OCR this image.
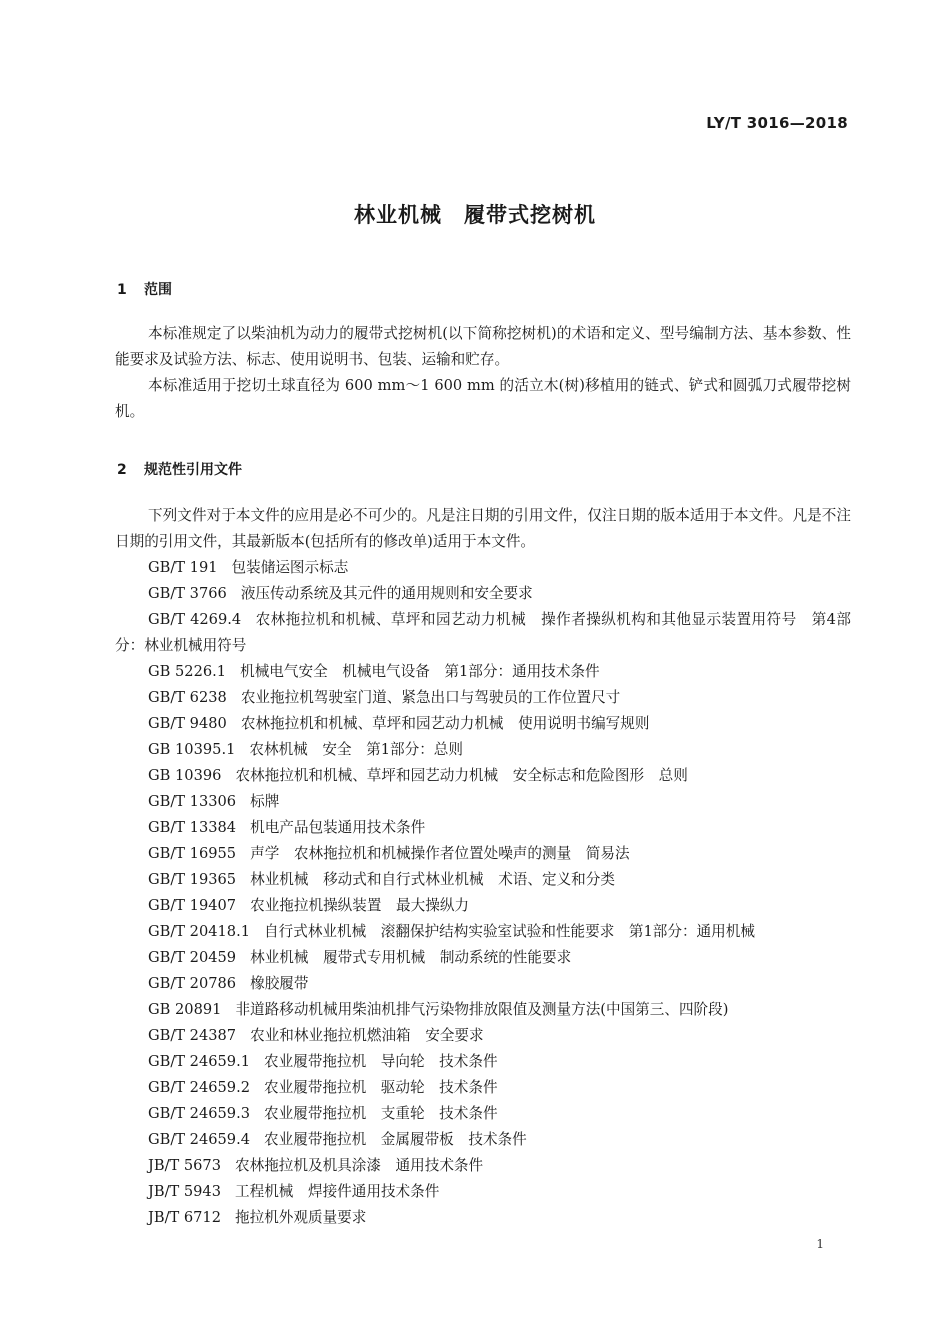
LY/T 3016—2018
林业机械　履带式挖树机
1 范围

本标准规定了以柴油机为动力的履带式挖树机(以下简称挖树机)的术语和定义、型号编制方法、基本参数、性能要求及试验方法、标志、使用说明书、包装、运输和贮存。

本标准适用于挖切土球直径为 600 mm～1 600 mm 的活立木(树)移植用的链式、铲式和圆弧刀式履带挖树机。

2 规范性引用文件

下列文件对于本文件的应用是必不可少的。凡是注日期的引用文件，仅注日期的版本适用于本文件。凡是不注日期的引用文件，其最新版本(包括所有的修改单)适用于本文件。

GB/T 191 包装储运图示标志
GB/T 3766 液压传动系统及其元件的通用规则和安全要求
GB/T 4269.4 农林拖拉机和机械、草坪和园艺动力机械　操作者操纵机构和其他显示装置用符号　第4部分：林业机械用符号
GB 5226.1 机械电气安全　机械电气设备　第1部分：通用技术条件
GB/T 6238 农业拖拉机驾驶室门道、紧急出口与驾驶员的工作位置尺寸
GB/T 9480 农林拖拉机和机械、草坪和园艺动力机械　使用说明书编写规则
GB 10395.1 农林机械　安全　第1部分：总则
GB 10396 农林拖拉机和机械、草坪和园艺动力机械　安全标志和危险图形　总则
GB/T 13306 标牌
GB/T 13384 机电产品包装通用技术条件
GB/T 16955 声学　农林拖拉机和机械操作者位置处噪声的测量　简易法
GB/T 19365 林业机械　移动式和自行式林业机械　术语、定义和分类
GB/T 19407 农业拖拉机操纵装置　最大操纵力
GB/T 20418.1 自行式林业机械　滚翻保护结构实验室试验和性能要求　第1部分：通用机械
GB/T 20459 林业机械　履带式专用机械　制动系统的性能要求
GB/T 20786 橡胶履带
GB 20891 非道路移动机械用柴油机排气污染物排放限值及测量方法(中国第三、四阶段)
GB/T 24387 农业和林业拖拉机燃油箱　安全要求
GB/T 24659.1 农业履带拖拉机　导向轮　技术条件
GB/T 24659.2 农业履带拖拉机　驱动轮　技术条件
GB/T 24659.3 农业履带拖拉机　支重轮　技术条件
GB/T 24659.4 农业履带拖拉机　金属履带板　技术条件
JB/T 5673 农林拖拉机及机具涂漆　通用技术条件
JB/T 5943 工程机械　焊接件通用技术条件
JB/T 6712 拖拉机外观质量要求
1
